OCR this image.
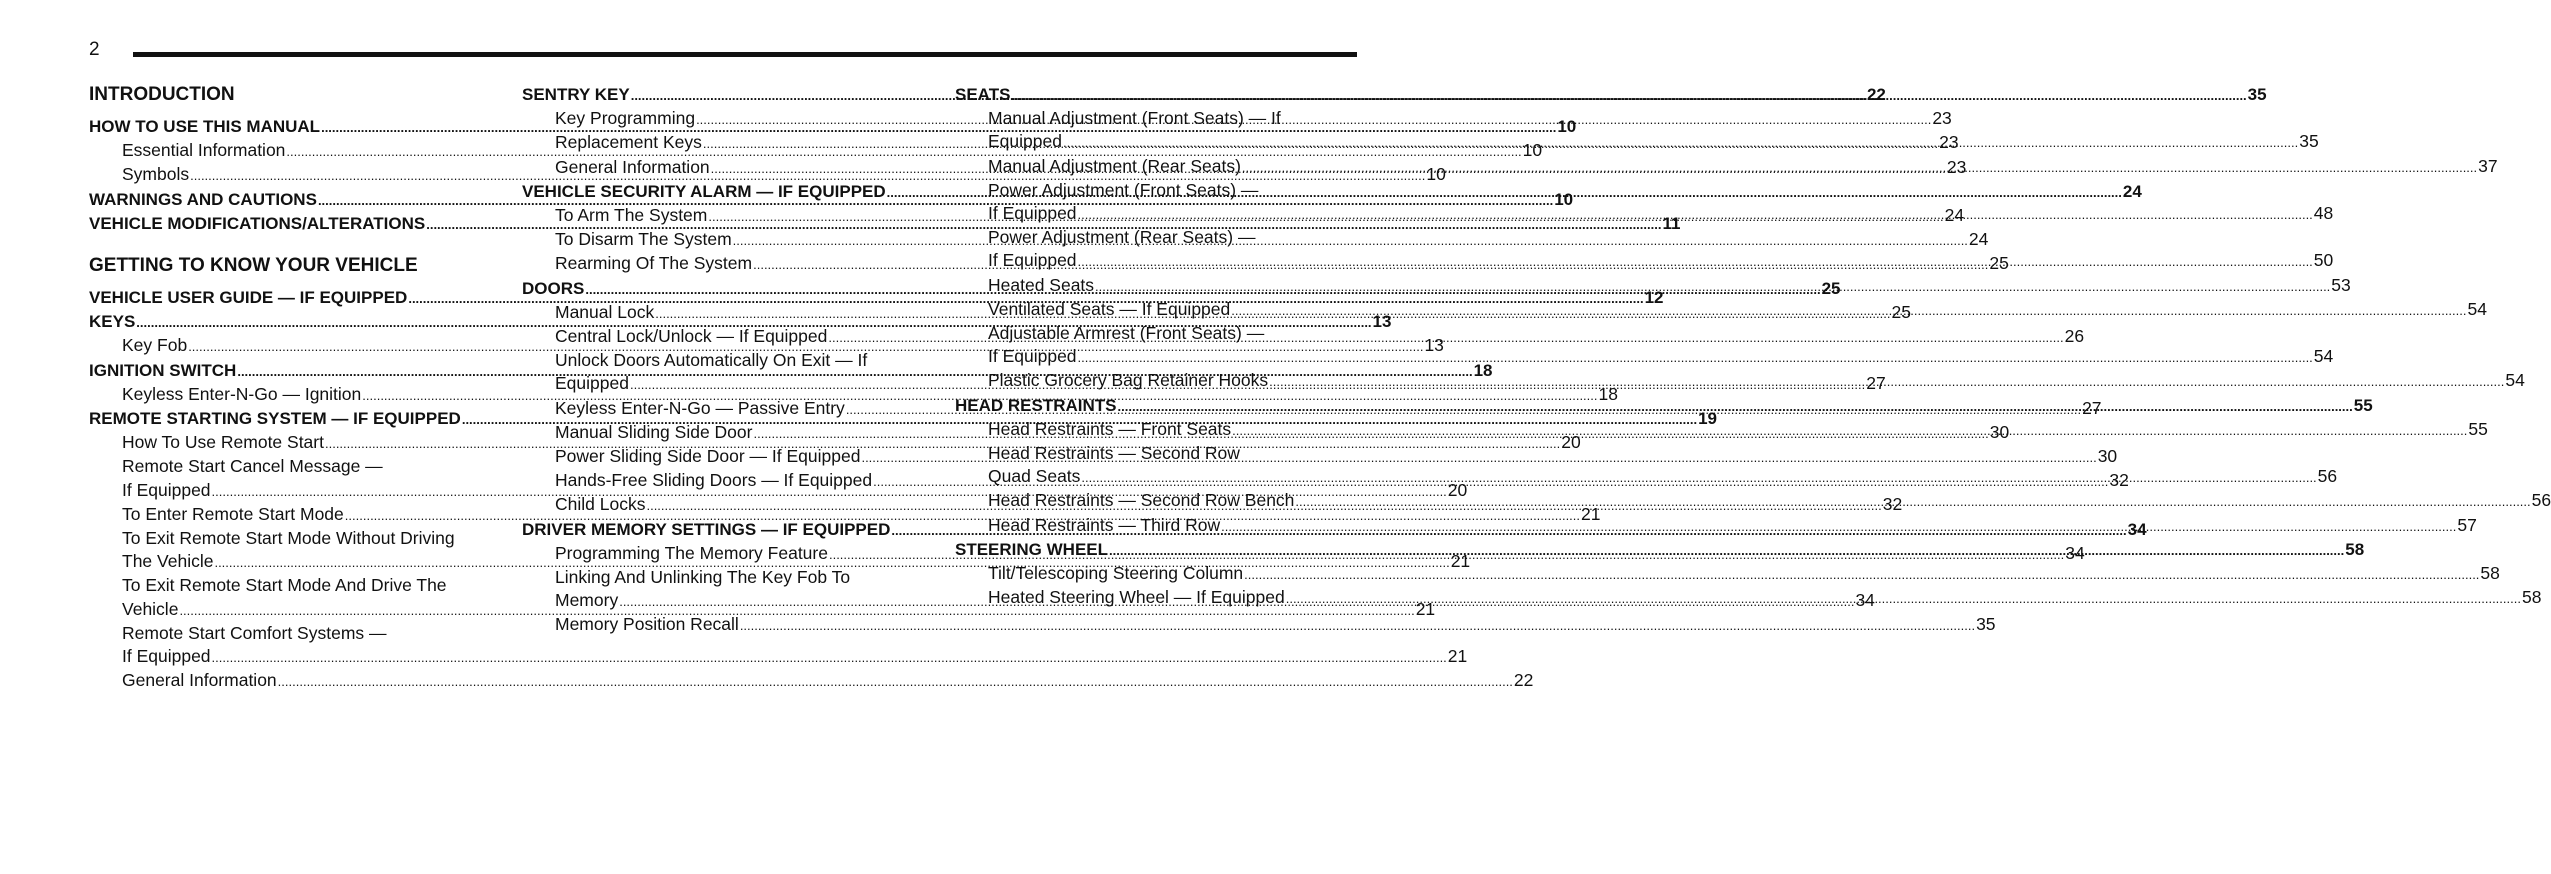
2
INTRODUCTION
HOW TO USE THIS MANUAL .....	10
Essential Information .....	10
Symbols .....	10
WARNINGS AND CAUTIONS .....	10
VEHICLE MODIFICATIONS/ALTERATIONS .....	11
GETTING TO KNOW YOUR VEHICLE
VEHICLE USER GUIDE — IF EQUIPPED .....	12
KEYS .....	13
Key Fob .....	13
IGNITION SWITCH .....	18
Keyless Enter-N-Go — Ignition .....	18
REMOTE STARTING SYSTEM — IF EQUIPPED .....	19
How To Use Remote Start .....	20
Remote Start Cancel Message —
If Equipped .....	20
To Enter Remote Start Mode .....	21
To Exit Remote Start Mode Without Driving
The Vehicle .....	21
To Exit Remote Start Mode And Drive The
Vehicle .....	21
Remote Start Comfort Systems —
If Equipped .....	21
General Information .....	22
SENTRY KEY .....	22
Key Programming .....	23
Replacement Keys .....	23
General Information .....	23
VEHICLE SECURITY ALARM — IF EQUIPPED .....	24
To Arm The System .....	24
To Disarm The System .....	24
Rearming Of The System .....	25
DOORS .....	25
Manual Lock .....	25
Central Lock/Unlock — If Equipped .....	26
Unlock Doors Automatically On Exit — If
Equipped .....	27
Keyless Enter-N-Go — Passive Entry .....	27
Manual Sliding Side Door .....	30
Power Sliding Side Door — If Equipped .....	30
Hands-Free Sliding Doors — If Equipped .....	32
Child Locks .....	32
DRIVER MEMORY SETTINGS — IF EQUIPPED .....	34
Programming The Memory Feature .....	34
Linking And Unlinking The Key Fob To
Memory .....	34
Memory Position Recall .....	35
SEATS .....	35
Manual Adjustment (Front Seats) — If
Equipped .....	35
Manual Adjustment (Rear Seats) .....	37
Power Adjustment (Front Seats) —
If Equipped .....	48
Power Adjustment (Rear Seats) —
If Equipped .....	50
Heated Seats .....	53
Ventilated Seats — If Equipped .....	54
Adjustable Armrest (Front Seats) —
If Equipped .....	54
Plastic Grocery Bag Retainer Hooks .....	54
HEAD RESTRAINTS .....	55
Head Restraints — Front Seats .....	55
Head Restraints — Second Row
Quad Seats .....	56
Head Restraints — Second Row Bench .....	56
Head Restraints — Third Row .....	57
STEERING WHEEL .....	58
Tilt/Telescoping Steering Column .....	58
Heated Steering Wheel — If Equipped .....	58
